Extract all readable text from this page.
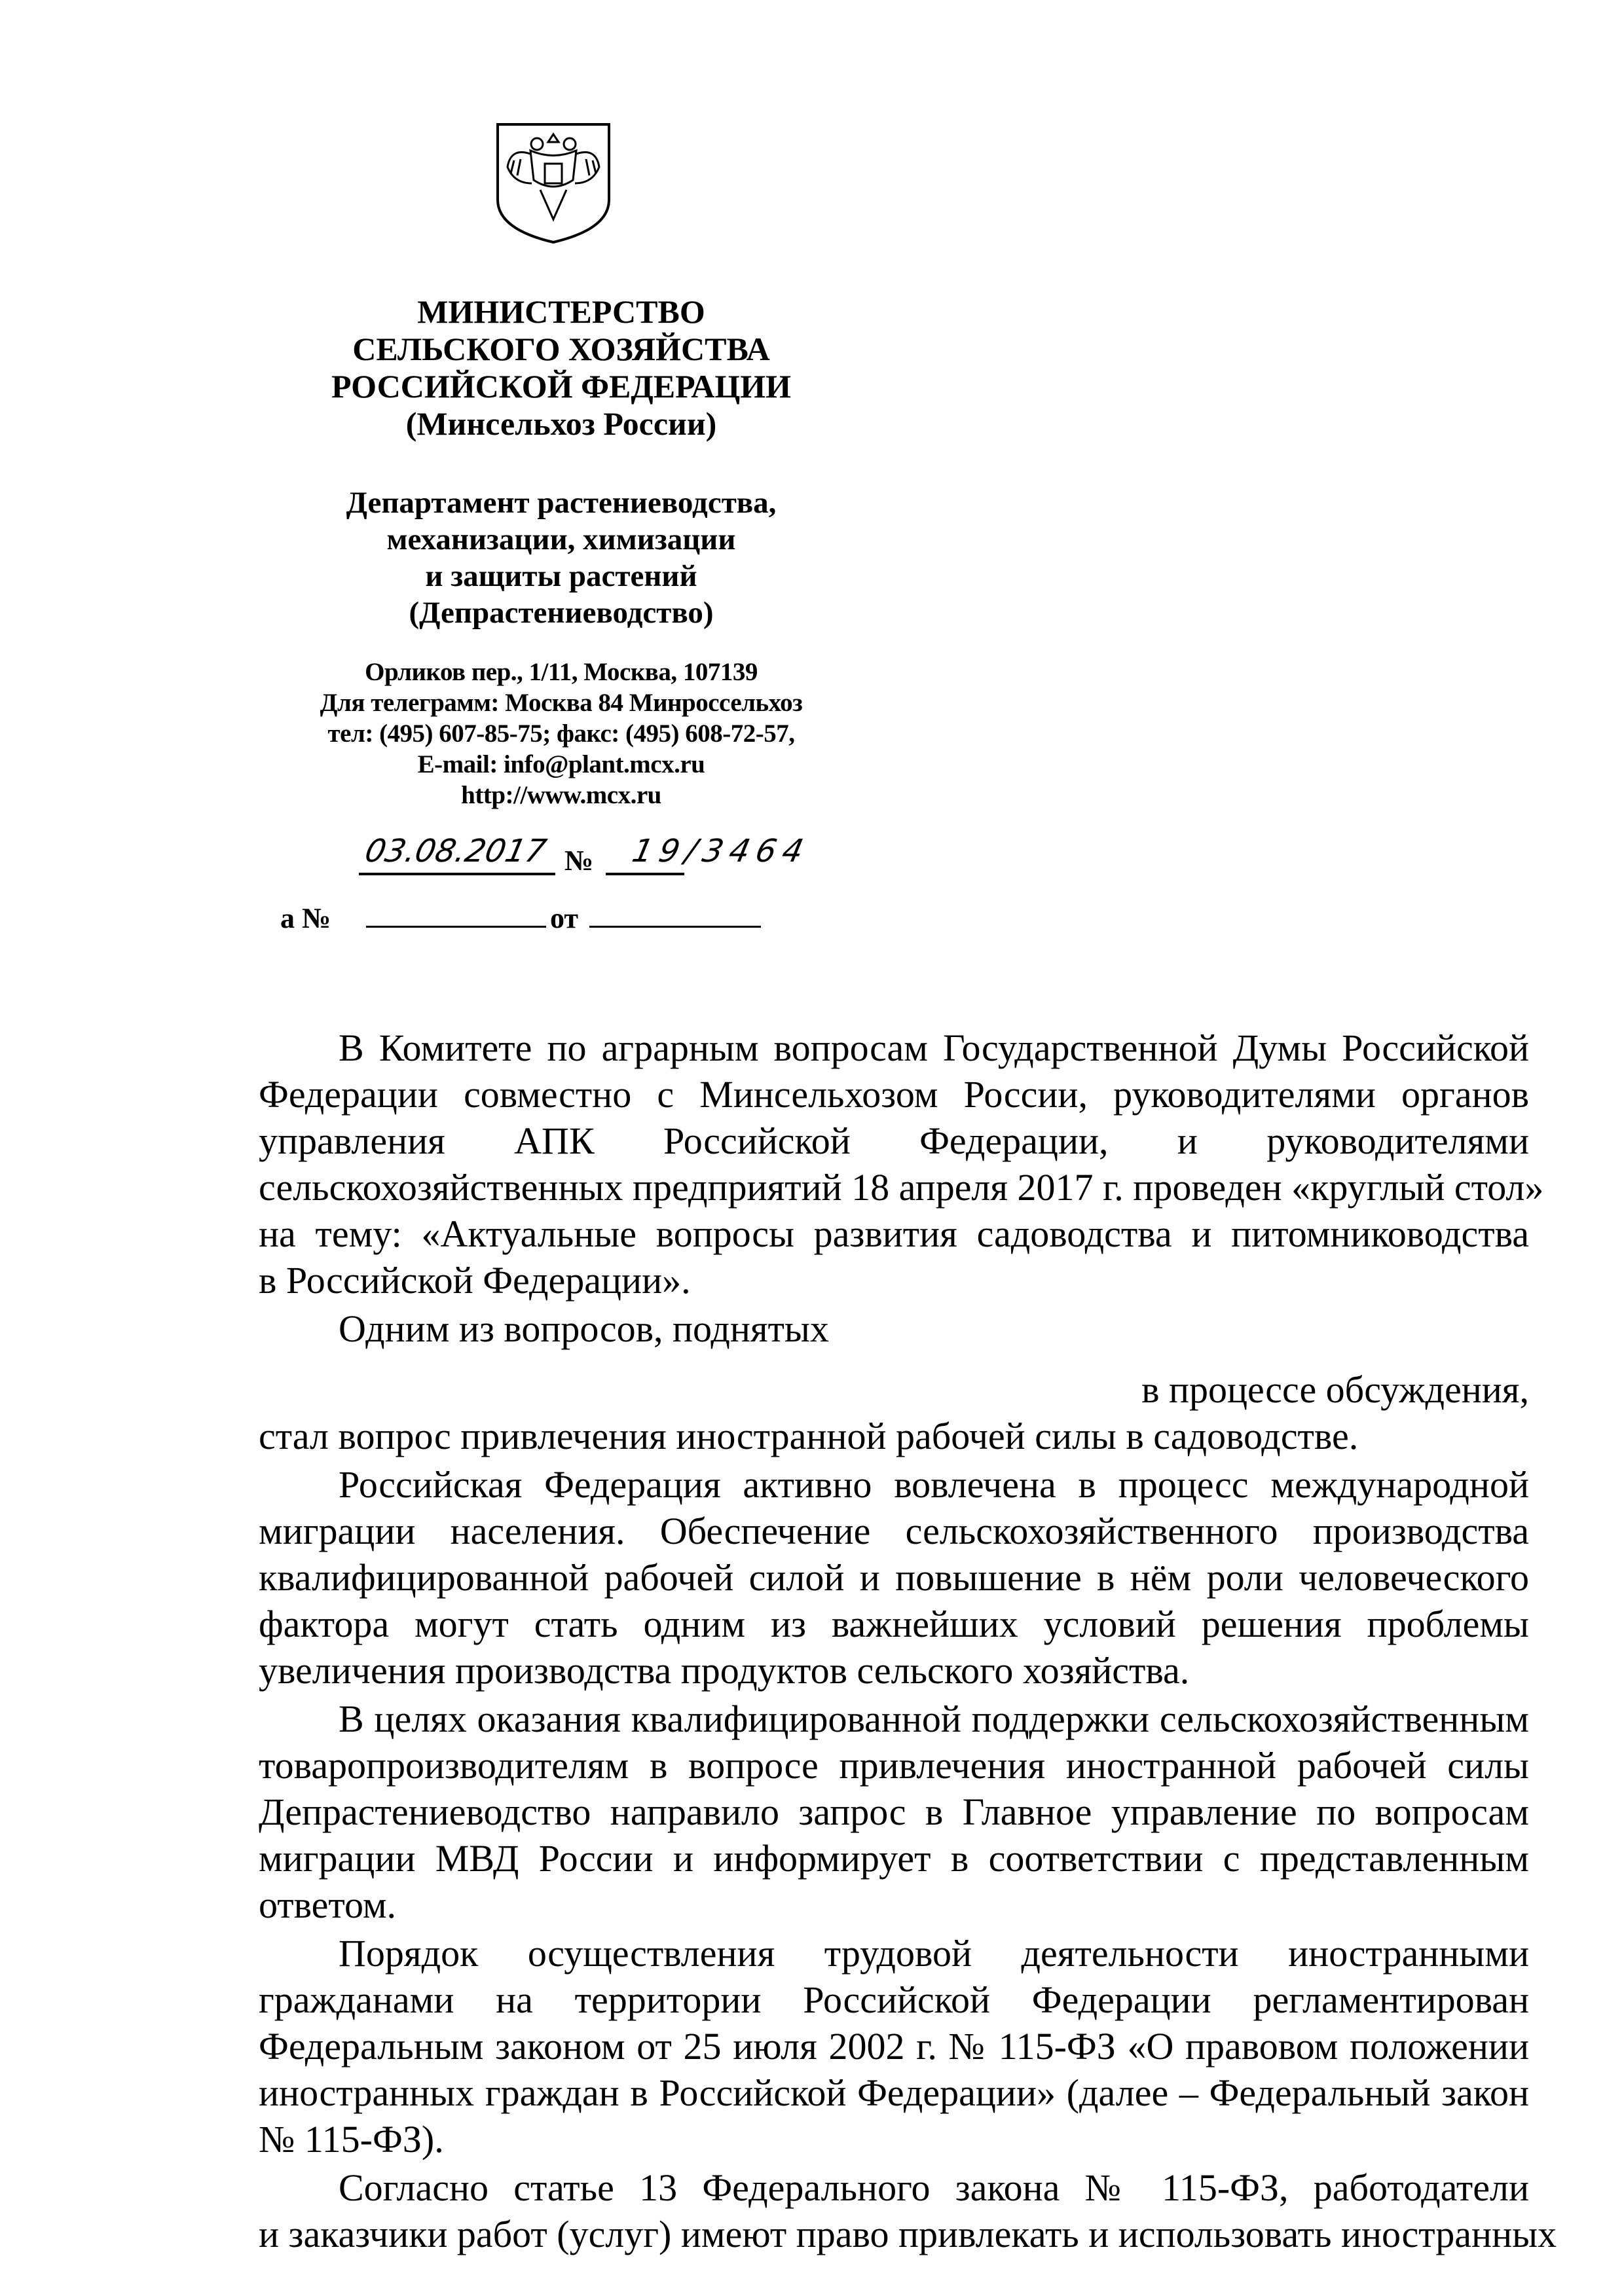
МИНИСТЕРСТВО
СЕЛЬСКОГО ХОЗЯЙСТВА
РОССИЙСКОЙ ФЕДЕРАЦИИ
(Минсельхоз России)
Департамент растениеводства,
механизации, химизации
и защиты растений
(Депрастениеводство)
Орликов пер., 1/11, Москва, 107139
Для телеграмм: Москва 84 Минроссельхоз
тел: (495) 607-85-75; факс: (495) 608-72-57,
E-mail: info@plant.mcx.ru
http://www.mcx.ru
03.08.2017 № 19/3464
а №	от
В Комитете по аграрным вопросам Государственной Думы Российской
Федерации совместно с Минсельхозом России, руководителями органов
управления АПК Российской Федерации, и руководителями
сельскохозяйственных предприятий 18 апреля 2017 г. проведен «круглый стол»
на тему: «Актуальные вопросы развития садоводства и питомниководства
в Российской Федерации».
Одним из вопросов, поднятых
в процессе обсуждения,
стал вопрос привлечения иностранной рабочей силы в садоводстве.
Российская Федерация активно вовлечена в процесс международной
миграции населения. Обеспечение сельскохозяйственного производства
квалифицированной рабочей силой и повышение в нём роли человеческого
фактора могут стать одним из важнейших условий решения проблемы
увеличения производства продуктов сельского хозяйства.
В целях оказания квалифицированной поддержки сельскохозяйственным
товаропроизводителям в вопросе привлечения иностранной рабочей силы
Депрастениеводство направило запрос в Главное управление по вопросам
миграции МВД России и информирует в соответствии с представленным
ответом.
Порядок осуществления трудовой деятельности иностранными
гражданами на территории Российской Федерации регламентирован
Федеральным законом от 25 июля 2002 г. № 115-ФЗ «О правовом положении
иностранных граждан в Российской Федерации» (далее – Федеральный закон
№ 115-ФЗ).
Согласно статье 13 Федерального закона № 115-ФЗ, работодатели
и заказчики работ (услуг) имеют право привлекать и использовать иностранных
